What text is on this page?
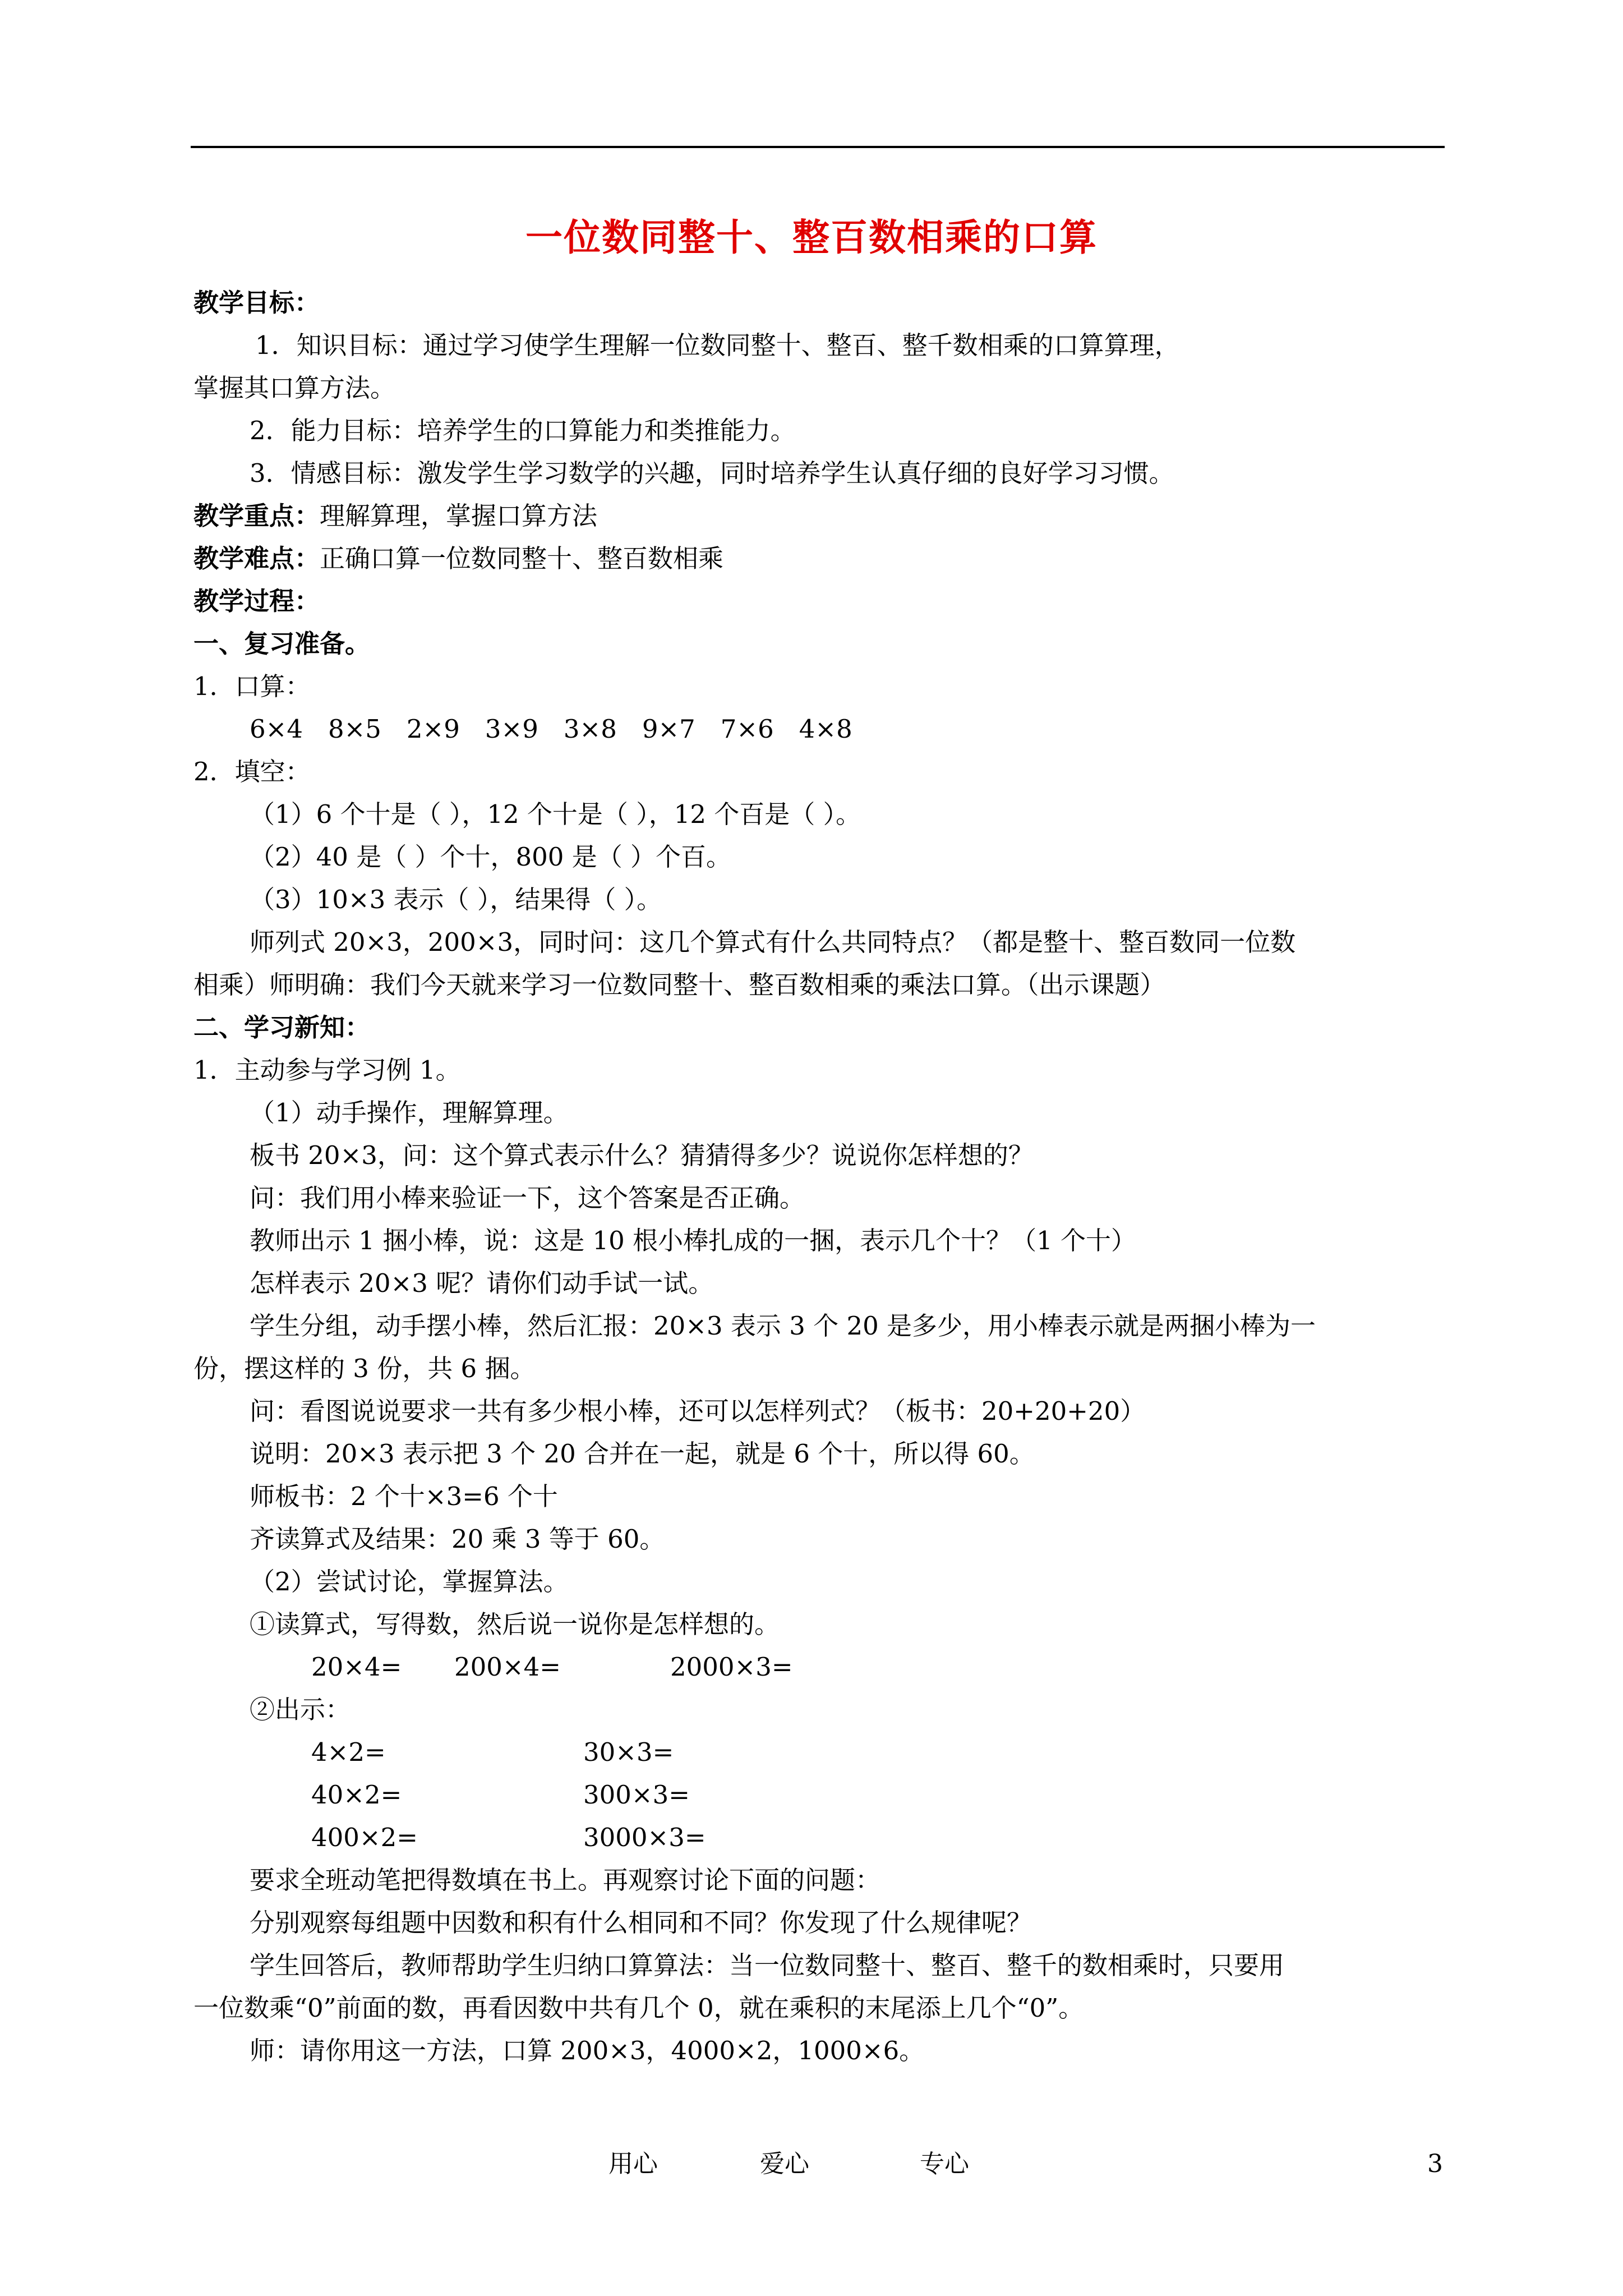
一位数同整十、整百数相乘的口算
教学目标：
1．知识目标：通过学习使学生理解一位数同整十、整百、整千数相乘的口算算理，
掌握其口算方法。
2．能力目标：培养学生的口算能力和类推能力。
3．情感目标：激发学生学习数学的兴趣，同时培养学生认真仔细的良好学习习惯。
教学重点：理解算理，掌握口算方法
教学难点：正确口算一位数同整十、整百数相乘
教学过程：
一、复习准备。
1．口算：
6×4　8×5　2×9　3×9　3×8　9×7　7×6　4×8
2．填空：
（1）6 个十是（ ），12 个十是（ ），12 个百是（ ）。
（2）40 是（ ）个十，800 是（ ）个百。
（3）10×3 表示（ ），结果得（ ）。
师列式 20×3，200×3，同时问：这几个算式有什么共同特点？（都是整十、整百数同一位数
相乘）师明确：我们今天就来学习一位数同整十、整百数相乘的乘法口算。（出示课题）
二、学习新知：
1．主动参与学习例 1。
（1）动手操作，理解算理。
板书 20×3，问：这个算式表示什么？猜猜得多少？说说你怎样想的？
问：我们用小棒来验证一下，这个答案是否正确。
教师出示 1 捆小棒，说：这是 10 根小棒扎成的一捆，表示几个十？（1 个十）
怎样表示 20×3 呢？请你们动手试一试。
学生分组，动手摆小棒，然后汇报：20×3 表示 3 个 20 是多少，用小棒表示就是两捆小棒为一
份，摆这样的 3 份，共 6 捆。
问：看图说说要求一共有多少根小棒，还可以怎样列式？（板书：20+20+20）
说明：20×3 表示把 3 个 20 合并在一起，就是 6 个十，所以得 60。
师板书：2 个十×3=6 个十
齐读算式及结果：20 乘 3 等于 60。
（2）尝试讨论，掌握算法。
①读算式，写得数，然后说一说你是怎样想的。
20×4= 200×4=	2000×3=
②出示：
4×2=	30×3=
40×2=	300×3=
400×2=	3000×3=
要求全班动笔把得数填在书上。再观察讨论下面的问题：
分别观察每组题中因数和积有什么相同和不同？你发现了什么规律呢？
学生回答后，教师帮助学生归纳口算算法：当一位数同整十、整百、整千的数相乘时，只要用
一位数乘“0”前面的数，再看因数中共有几个 0，就在乘积的末尾添上几个“0”。
师：请你用这一方法，口算 200×3，4000×2，1000×6。
用心	爱心	专心	3
